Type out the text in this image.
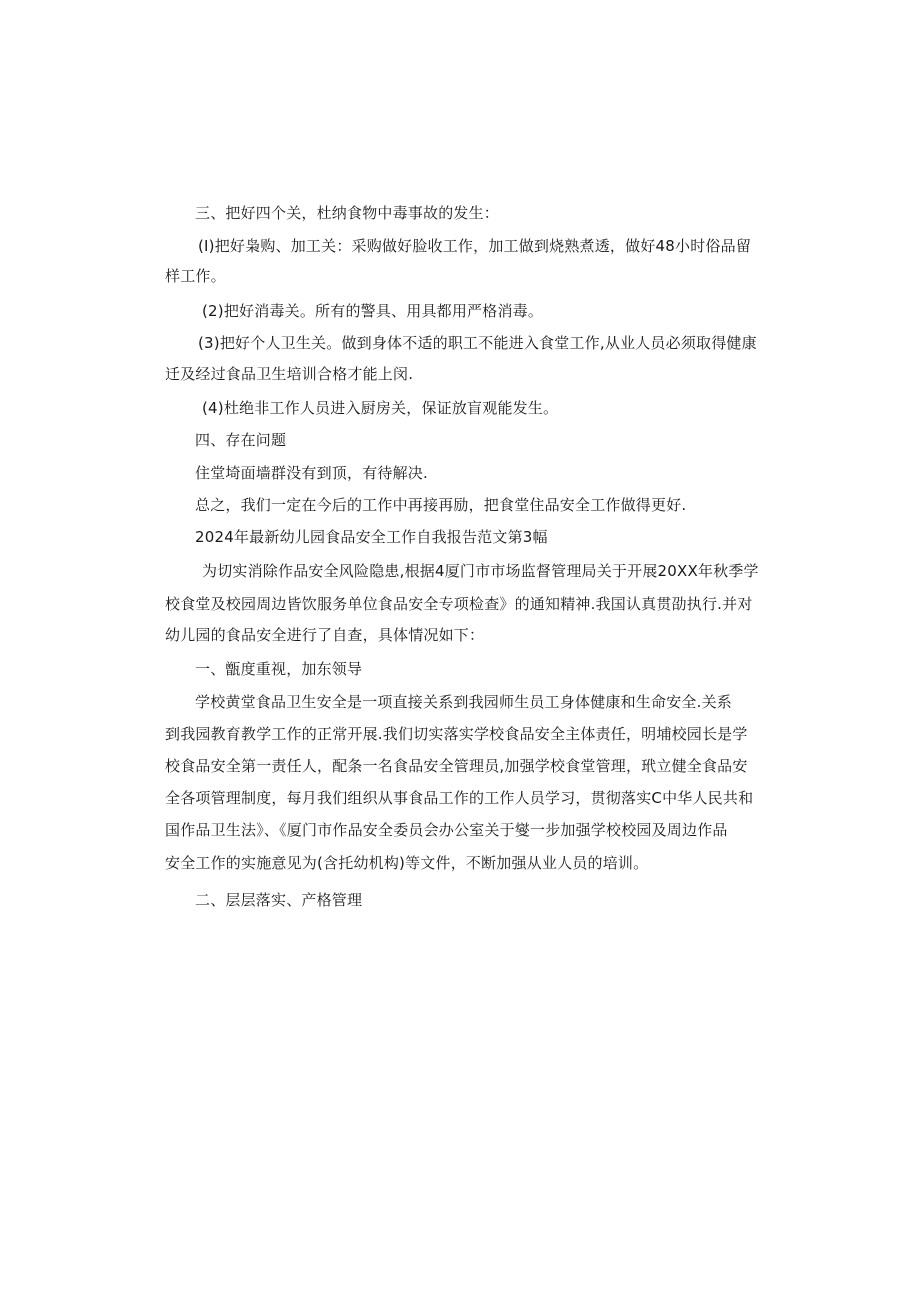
三、把好四个关，杜纳食物中毒事故的发生：
(I)把好枭购、加工关：采购做好脸收工作，加工做到烧熟煮透，做好48小时俗品留
样工作。
(2)把好消毒关。所有的警具、用具都用严格消毒。
(3)把好个人卫生关。做到身体不适的职工不能进入食堂工作,从业人员必须取得健康
迁及经过食品卫生培训合格才能上闵.
(4)杜绝非工作人员进入厨房关，保证放盲观能发生。
四、存在问题
住堂埼面墙群没有到顶，有待解决.
总之，我们一定在今后的工作中再接再励，把食堂住品安全工作做得更好.
2024年最新幼儿园食品安全工作自我报告范文第3幅
为切实消除作品安全风险隐患,根据4厦门市市场监督管理局关于开展20XX年秋季学
校食堂及校园周边皆饮服务单位食品安全专项检查》的通知精神.我国认真贯劭执行.并对
幼儿园的食品安全进行了自查，具体情况如下：
一、甑度重视，加东领导
学校黄堂食品卫生安全是一项直接关系到我园师生员工身体健康和生命安全.关系
到我园教育教学工作的正常开展.我们切实落实学校食品安全主体责任，明埔校园长是学
校食品安全第一责任人，配条一名食品安全管理员,加强学校食堂管理，玳立健全食品安
全各项管理制度，每月我们组织从事食品工作的工作人员学习，贯彻落实C中华人民共和
国作品卫生法》、《厦门市作品安全委员会办公室关于燮一步加强学校校园及周边作品
安全工作的实施意见为(含托幼机构)等文件，不断加强从业人员的培训。
二、层层落实、产格管理
